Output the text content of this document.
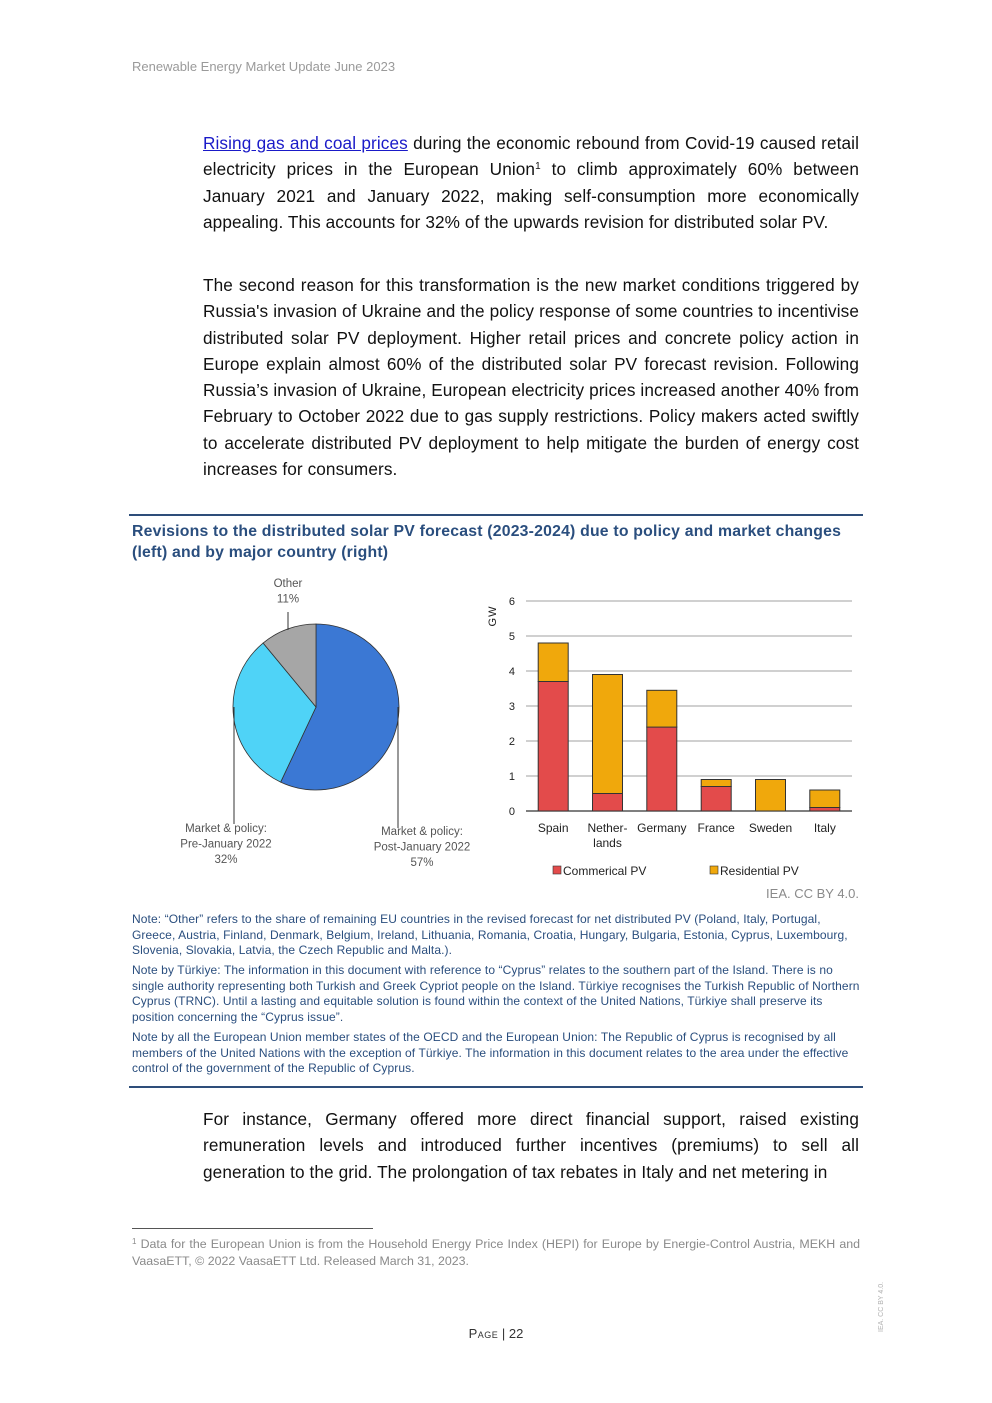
Renewable Energy Market Update June 2023
Rising gas and coal prices during the economic rebound from Covid-19 caused retail electricity prices in the European Union$^1$ to climb approximately 60% between January 2021 and January 2022, making self-consumption more economically appealing. This accounts for 32% of the upwards revision for distributed solar PV.
The second reason for this transformation is the new market conditions triggered by Russia's invasion of Ukraine and the policy response of some countries to incentivise distributed solar PV deployment. Higher retail prices and concrete policy action in Europe explain almost 60% of the distributed solar PV forecast revision. Following Russia’s invasion of Ukraine, European electricity prices increased another 40% from February to October 2022 due to gas supply restrictions. Policy makers acted swiftly to accelerate distributed PV deployment to help mitigate the burden of energy cost increases for consumers.
Revisions to the distributed solar PV forecast (2023-2024) due to policy and market changes (left) and by major country (right)
Market & policy:
Post-January 2022
57%
Market & policy:
Pre-January 2022
32%
Other
11%
0
1
2
3
4
5
6
GW
Spain Nether-
lands
Germany France Sweden Italy
Commerical PV	Residential PV
IEA. CC BY 4.0.
Note: “Other” refers to the share of remaining EU countries in the revised forecast for net distributed PV (Poland, Italy, Portugal, Greece, Austria, Finland, Denmark, Belgium, Ireland, Lithuania, Romania, Croatia, Hungary, Bulgaria, Estonia, Cyprus, Luxembourg, Slovenia, Slovakia, Latvia, the Czech Republic and Malta.).
Note by Türkiye: The information in this document with reference to “Cyprus” relates to the southern part of the Island. There is no single authority representing both Turkish and Greek Cypriot people on the Island. Türkiye recognises the Turkish Republic of Northern Cyprus (TRNC). Until a lasting and equitable solution is found within the context of the United Nations, Türkiye shall preserve its position concerning the “Cyprus issue”.
Note by all the European Union member states of the OECD and the European Union: The Republic of Cyprus is recognised by all members of the United Nations with the exception of Türkiye. The information in this document relates to the area under the effective control of the government of the Republic of Cyprus.
For instance, Germany offered more direct financial support, raised existing remuneration levels and introduced further incentives (premiums) to sell all generation to the grid. The prolongation of tax rebates in Italy and net metering in
$^1$ Data for the European Union is from the Household Energy Price Index (HEPI) for Europe by Energie-Control Austria, MEKH and VaasaETT, © 2022 VaasaETT Ltd. Released March 31, 2023.
Page | 22
IEA. CC BY 4.0.
